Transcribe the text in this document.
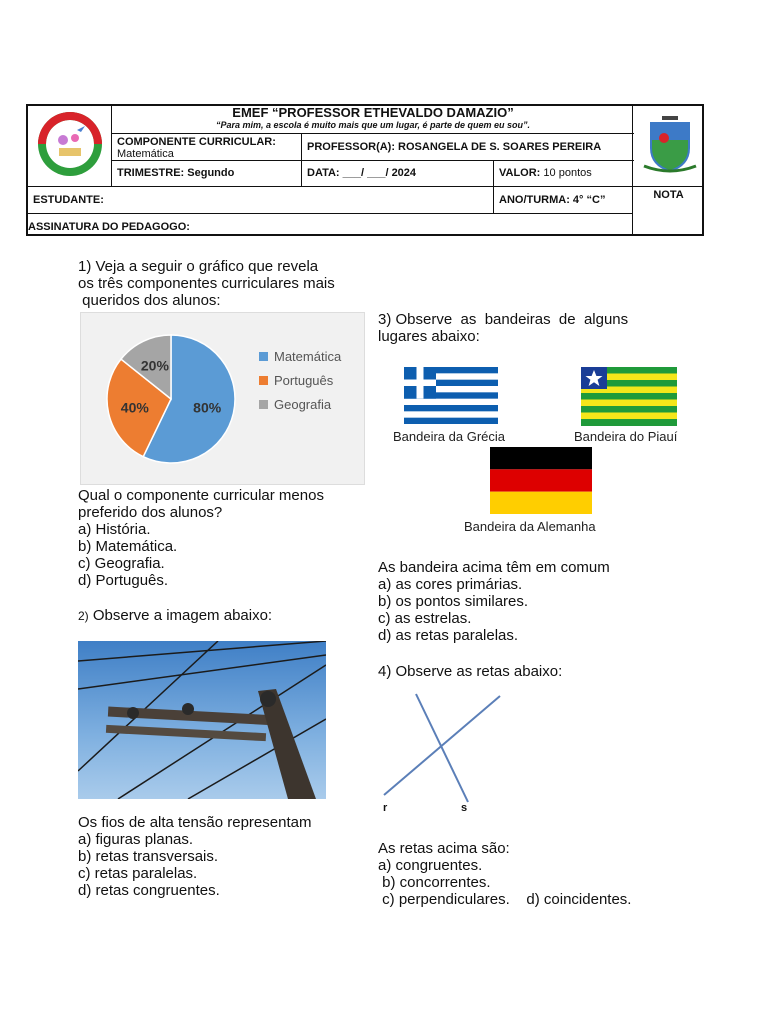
EMEF “PROFESSOR ETHEVALDO DAMAZIO”
“Para mim, a escola é muito mais que um lugar, é parte de quem eu sou”.
COMPONENTE CURRICULAR:
Matemática
PROFESSOR(A): ROSANGELA DE S. SOARES PEREIRA
TRIMESTRE: Segundo	DATA: ___/ ___/ 2024	VALOR: 10 pontos
ESTUDANTE:	ANO/TURMA: 4° “C”	NOTA
ASSINATURA DO PEDAGOGO:

1) Veja a seguir o gráfico que revela

os três componentes curriculares mais

queridos dos alunos:

80%
40%
20%
Matemática
Português
Geografia

Qual o componente curricular menos

preferido dos alunos?

a) História.

b) Matemática.

c) Geografia.

d) Português.

2) Observe a imagem abaixo:

Os fios de alta tensão representam

a) figuras planas.

b) retas transversais.

c) retas paralelas.

d) retas congruentes.

3) Observe  as  bandeiras  de  alguns

lugares abaixo:

Bandeira da Grécia	Bandeira do Piauí
Bandeira da Alemanha

As bandeira acima têm em comum

a) as cores primárias.

b) os pontos similares.

c) as estrelas.

d) as retas paralelas.

4) Observe as retas abaixo:
r	s

As retas acima são:

a) congruentes.

b) concorrentes.

c) perpendiculares.    d) coincidentes.
